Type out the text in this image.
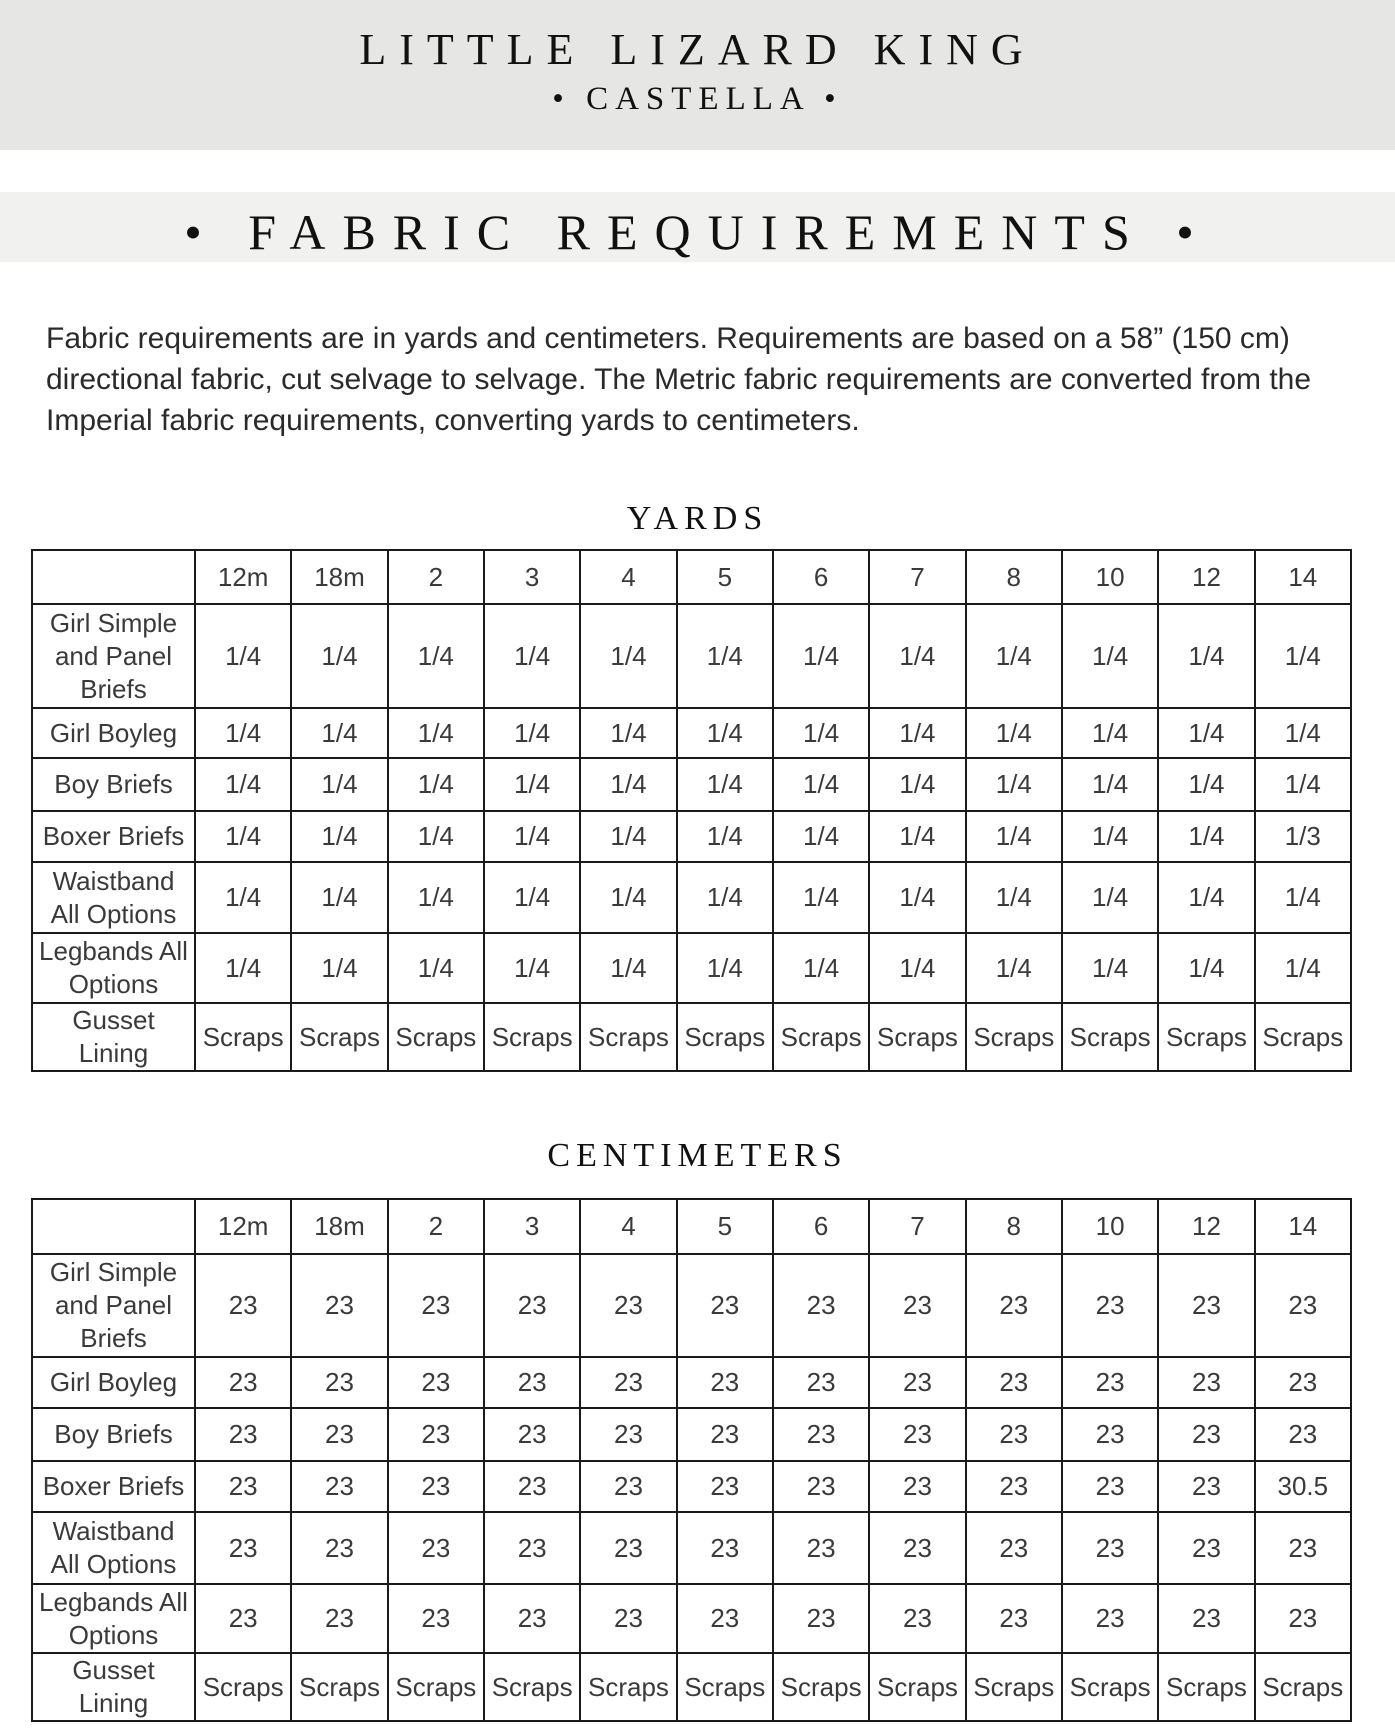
LITTLE LIZARD KING
• CASTELLA •
• FABRIC REQUIREMENTS •

Fabric requirements are in yards and centimeters. Requirements are based on a 58” (150 cm) directional fabric, cut selvage to selvage. The Metric fabric requirements are converted from the Imperial fabric requirements, converting yards to centimeters.

YARDS
	12m	18m	2	3	4	5	6	7	8	10	12	14
Girl Simple and Panel Briefs	1/4	1/4	1/4	1/4	1/4	1/4	1/4	1/4	1/4	1/4	1/4	1/4
Girl Boyleg	1/4	1/4	1/4	1/4	1/4	1/4	1/4	1/4	1/4	1/4	1/4	1/4
Boy Briefs	1/4	1/4	1/4	1/4	1/4	1/4	1/4	1/4	1/4	1/4	1/4	1/4
Boxer Briefs	1/4	1/4	1/4	1/4	1/4	1/4	1/4	1/4	1/4	1/4	1/4	1/3
Waistband All Options	1/4	1/4	1/4	1/4	1/4	1/4	1/4	1/4	1/4	1/4	1/4	1/4
Legbands All Options	1/4	1/4	1/4	1/4	1/4	1/4	1/4	1/4	1/4	1/4	1/4	1/4
Gusset Lining	Scraps	Scraps	Scraps	Scraps	Scraps	Scraps	Scraps	Scraps	Scraps	Scraps	Scraps	Scraps
CENTIMETERS
	12m	18m	2	3	4	5	6	7	8	10	12	14
Girl Simple and Panel Briefs	23	23	23	23	23	23	23	23	23	23	23	23
Girl Boyleg	23	23	23	23	23	23	23	23	23	23	23	23
Boy Briefs	23	23	23	23	23	23	23	23	23	23	23	23
Boxer Briefs	23	23	23	23	23	23	23	23	23	23	23	30.5
Waistband All Options	23	23	23	23	23	23	23	23	23	23	23	23
Legbands All Options	23	23	23	23	23	23	23	23	23	23	23	23
Gusset Lining	Scraps	Scraps	Scraps	Scraps	Scraps	Scraps	Scraps	Scraps	Scraps	Scraps	Scraps	Scraps
